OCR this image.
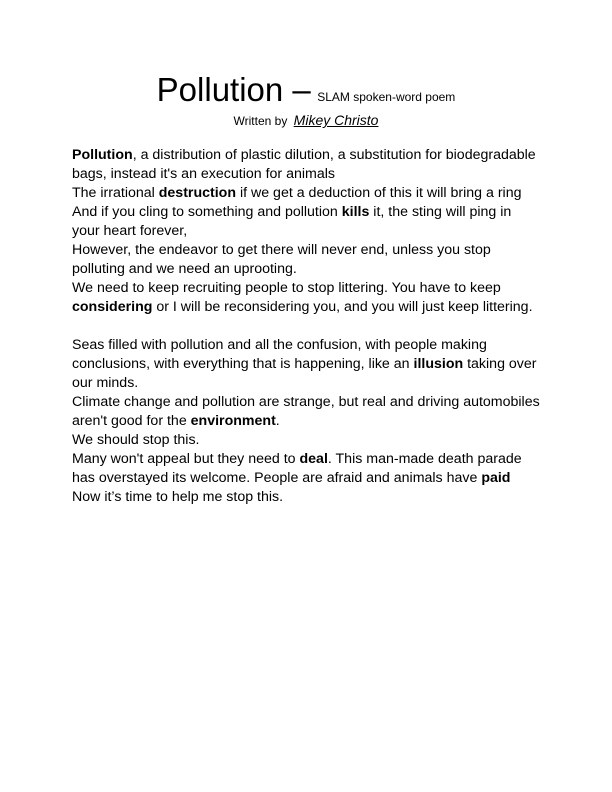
Pollution – SLAM spoken-word poem
Written by Mikey Christo
Pollution, a distribution of plastic dilution, a substitution for biodegradable bags, instead it's an execution for animals
The irrational destruction if we get a deduction of this it will bring a ring
And if you cling to something and pollution kills it, the sting will ping in your heart forever,
However, the endeavor to get there will never end, unless you stop polluting and we need an uprooting.
We need to keep recruiting people to stop littering. You have to keep considering or I will be reconsidering you, and you will just keep littering.
Seas filled with pollution and all the confusion, with people making conclusions, with everything that is happening, like an illusion taking over our minds.
Climate change and pollution are strange, but real and driving automobiles aren't good for the environment.
We should stop this.
Many won't appeal but they need to deal. This man-made death parade has overstayed its welcome. People are afraid and animals have paid
Now it’s time to help me stop this.
